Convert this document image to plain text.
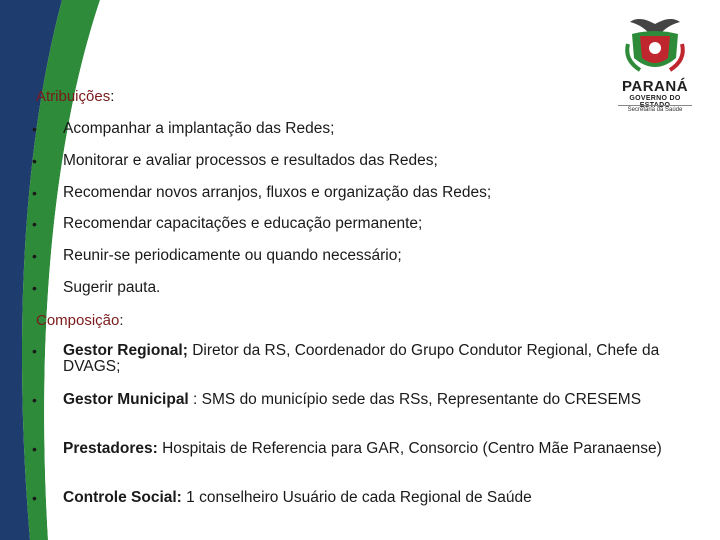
PARANÁ
GOVERNO DO
Secretaria da Saúde
Atribuições:
• Acompanhar a implantação das Redes;
• Monitorar e avaliar processos e resultados das Redes;
• Recomendar novos arranjos, fluxos e organização das Redes;
• Recomendar capacitações e educação permanente;
• Reunir-se periodicamente ou quando necessário;
• Sugerir pauta.
Composição:
• Gestor Regional; Diretor da RS, Coordenador do Grupo Condutor Regional, Chefe da DVAGS;
• Gestor Municipal : SMS do município sede das RSs, Representante do CRESEMS
• Prestadores: Hospitais de Referencia para GAR, Consorcio (Centro Mãe Paranaense)
• Controle Social: 1 conselheiro Usuário de cada Regional de Saúde
